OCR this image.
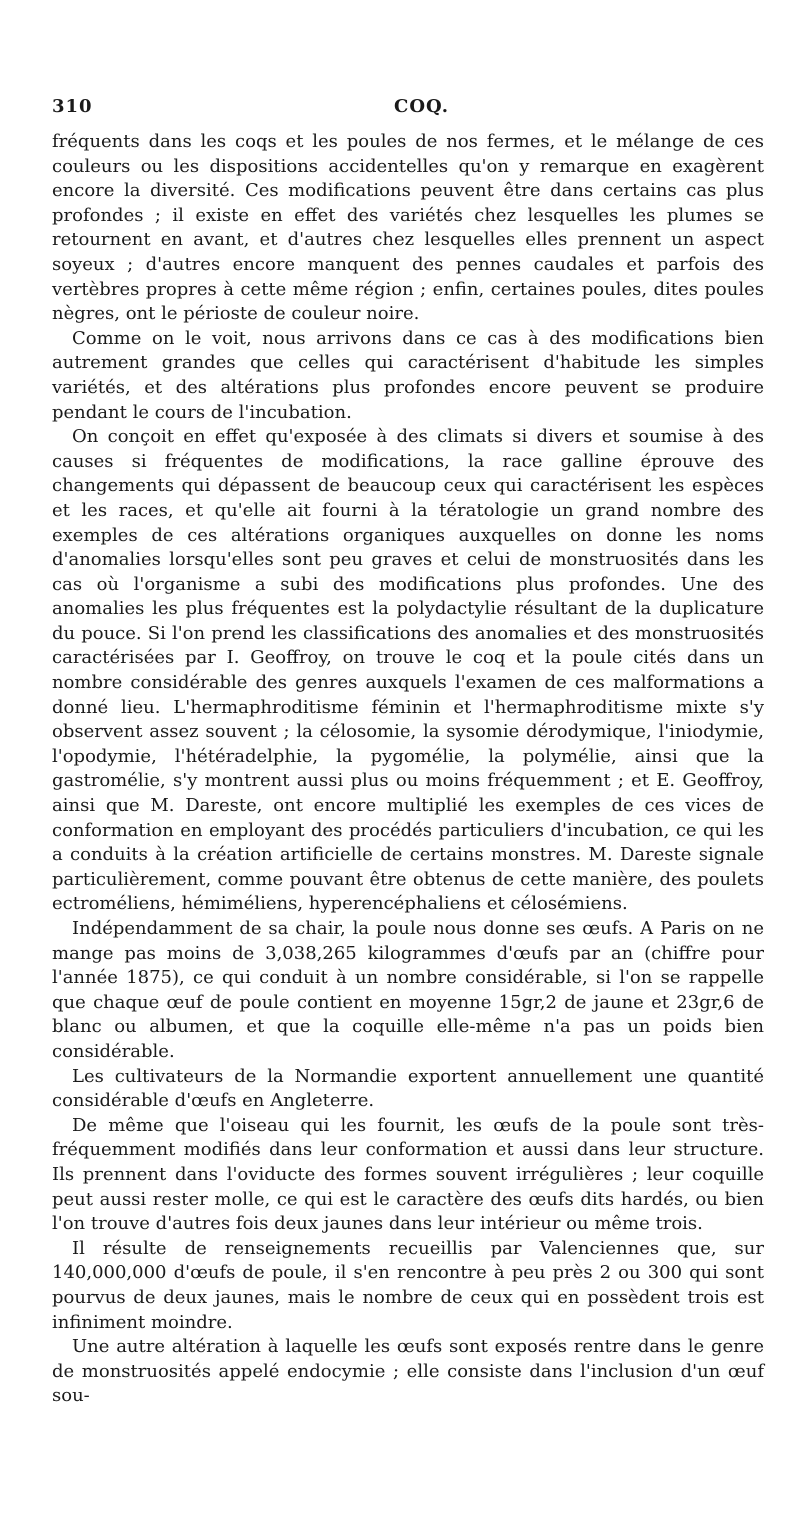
310	COQ.

fréquents dans les coqs et les poules de nos fermes, et le mélange de ces couleurs ou les dispositions accidentelles qu'on y remarque en exagèrent encore la diversité. Ces modifications peuvent être dans certains cas plus profondes ; il existe en effet des variétés chez lesquelles les plumes se retournent en avant, et d'autres chez lesquelles elles prennent un aspect soyeux ; d'autres encore manquent des pennes caudales et parfois des vertèbres propres à cette même région ; enfin, certaines poules, dites poules nègres, ont le périoste de couleur noire.

Comme on le voit, nous arrivons dans ce cas à des modifications bien autrement grandes que celles qui caractérisent d'habitude les simples variétés, et des altérations plus profondes encore peuvent se produire pendant le cours de l'incubation.

On conçoit en effet qu'exposée à des climats si divers et soumise à des causes si fréquentes de modifications, la race galline éprouve des changements qui dépassent de beaucoup ceux qui caractérisent les espèces et les races, et qu'elle ait fourni à la tératologie un grand nombre des exemples de ces altérations organiques auxquelles on donne les noms d'anomalies lorsqu'elles sont peu graves et celui de monstruosités dans les cas où l'organisme a subi des modifications plus profondes. Une des anomalies les plus fréquentes est la polydactylie résultant de la duplicature du pouce. Si l'on prend les classifications des anomalies et des monstruosités caractérisées par I. Geoffroy, on trouve le coq et la poule cités dans un nombre considérable des genres auxquels l'examen de ces malformations a donné lieu. L'hermaphroditisme féminin et l'hermaphroditisme mixte s'y observent assez souvent ; la célosomie, la sysomie dérodymique, l'iniodymie, l'opodymie, l'hétéradelphie, la pygomélie, la polymélie, ainsi que la gastromélie, s'y montrent aussi plus ou moins fréquemment ; et E. Geoffroy, ainsi que M. Dareste, ont encore multiplié les exemples de ces vices de conformation en employant des procédés particuliers d'incubation, ce qui les a conduits à la création artificielle de certains monstres. M. Dareste signale particulièrement, comme pouvant être obtenus de cette manière, des poulets ectroméliens, hémiméliens, hyperencéphaliens et célosémiens.

Indépendamment de sa chair, la poule nous donne ses œufs. A Paris on ne mange pas moins de 3,038,265 kilogrammes d'œufs par an (chiffre pour l'année 1875), ce qui conduit à un nombre considérable, si l'on se rappelle que chaque œuf de poule contient en moyenne 15gr,2 de jaune et 23gr,6 de blanc ou albumen, et que la coquille elle-même n'a pas un poids bien considérable.

Les cultivateurs de la Normandie exportent annuellement une quantité considérable d'œufs en Angleterre.

De même que l'oiseau qui les fournit, les œufs de la poule sont très-fréquemment modifiés dans leur conformation et aussi dans leur structure. Ils prennent dans l'oviducte des formes souvent irrégulières ; leur coquille peut aussi rester molle, ce qui est le caractère des œufs dits hardés, ou bien l'on trouve d'autres fois deux jaunes dans leur intérieur ou même trois.

Il résulte de renseignements recueillis par Valenciennes que, sur 140,000,000 d'œufs de poule, il s'en rencontre à peu près 2 ou 300 qui sont pourvus de deux jaunes, mais le nombre de ceux qui en possèdent trois est infiniment moindre.

Une autre altération à laquelle les œufs sont exposés rentre dans le genre de monstruosités appelé endocymie ; elle consiste dans l'inclusion d'un œuf sou-
